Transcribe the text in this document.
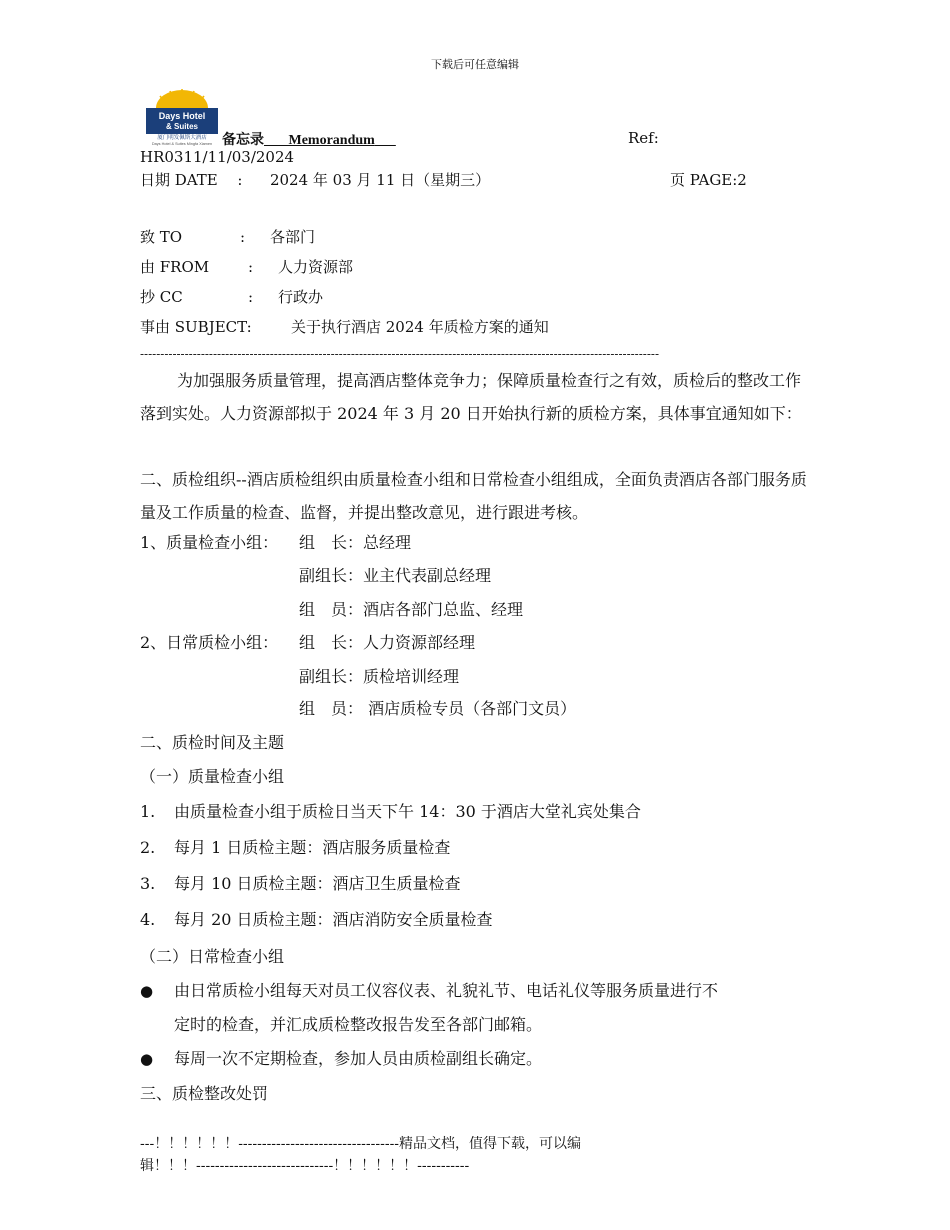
下载后可任意编辑
Days Hotel
& Suites
厦门明发佩斯大酒店
Days Hotel & Suites Mingfa Xiamen 备忘录 Memorandum	Ref:
HR0311/11/03/2024
日期 DATE : 2024 年 03 月 11 日（星期三）	页 PAGE:2
致 TO	: 各部门
由 FROM	: 人力资源部
抄 CC	: 行政办
事由 SUBJECT:	关于执行酒店 2024 年质检方案的通知
--------------------------------------------------------------------------------------------------------------------------------
为加强服务质量管理，提高酒店整体竞争力；保障质量检查行之有效，质检后的整改工作落到实处。人力资源部拟于 2024 年 3 月 20 日开始执行新的质检方案，具体事宜通知如下：
二、质检组织--酒店质检组织由质量检查小组和日常检查小组组成，全面负责酒店各部门服务质量及工作质量的检查、监督，并提出整改意见，进行跟进考核。
1、质量检查小组： 组　长：总经理
副组长：业主代表副总经理
组　员：酒店各部门总监、经理
2、日常质检小组： 组　长：人力资源部经理
副组长：质检培训经理
组　员： 酒店质检专员（各部门文员）
二、质检时间及主题
（一）质量检查小组
1. 由质量检查小组于质检日当天下午 14：30 于酒店大堂礼宾处集合
2. 每月 1 日质检主题：酒店服务质量检查
3. 每月 10 日质检主题：酒店卫生质量检查
4. 每月 20 日质检主题：酒店消防安全质量检查
（二）日常检查小组
● 由日常质检小组每天对员工仪容仪表、礼貌礼节、电话礼仪等服务质量进行不
定时的检查，并汇成质检整改报告发至各部门邮箱。
● 每周一次不定期检查，参加人员由质检副组长确定。
三、质检整改处罚
---！！！！！！----------------------------------精品文档，值得下载，可以编
辑！！！-----------------------------！！！！！！-----------
